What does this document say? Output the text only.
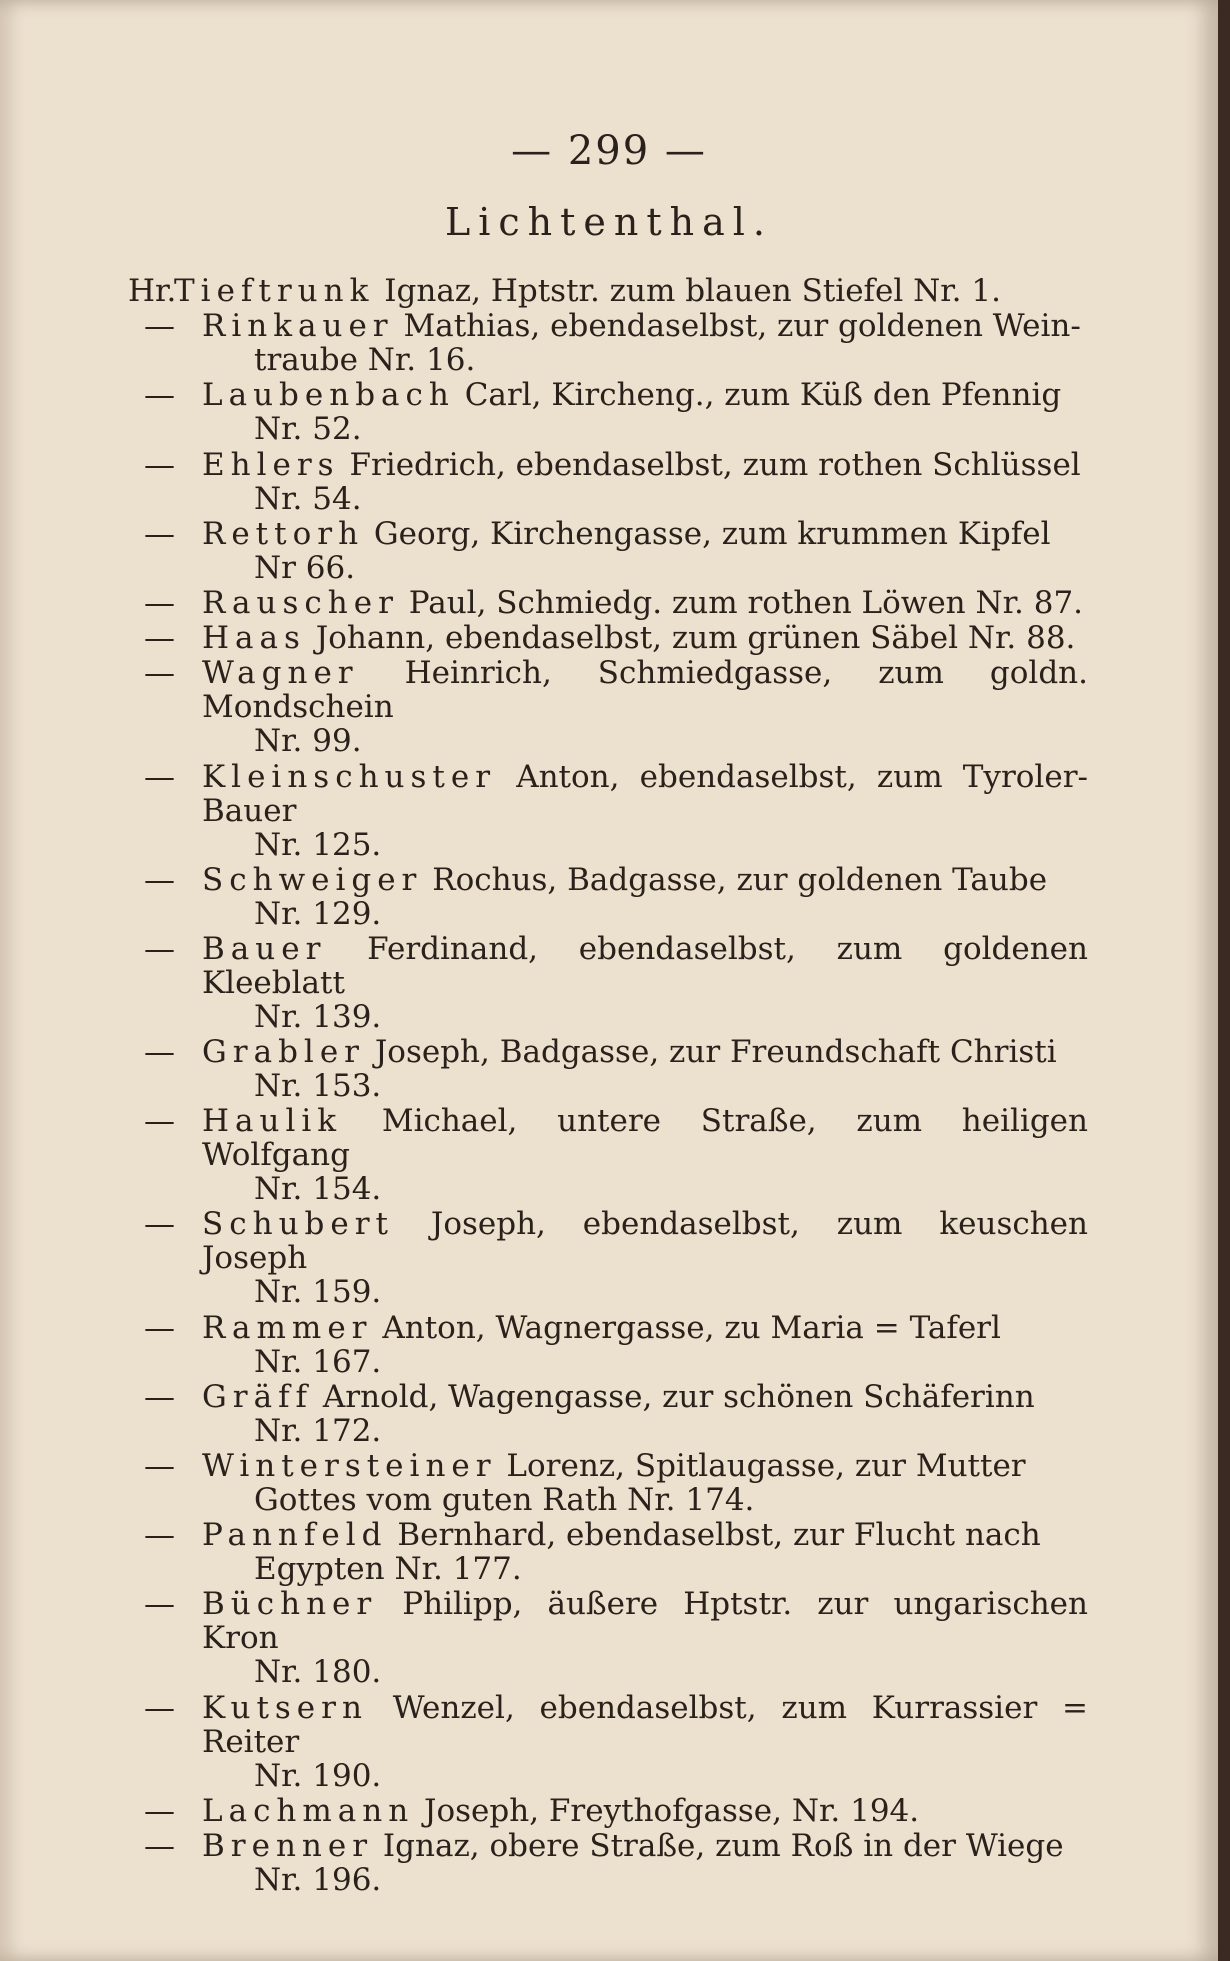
— 299 —
Lichtenthal.
Hr.
Tieftrunk Ignaz, Hptstr. zum blauen Stiefel Nr. 1.
— Rinkauer Mathias, ebendaselbst, zur goldenen Wein-
traube Nr. 16.
— Laubenbach Carl, Kircheng., zum Küß den Pfennig
Nr. 52.
— Ehlers Friedrich, ebendaselbst, zum rothen Schlüssel
Nr. 54.
— Rettorh Georg, Kirchengasse, zum krummen Kipfel
Nr 66.
— Rauscher Paul, Schmiedg. zum rothen Löwen Nr. 87.
— Haas Johann, ebendaselbst, zum grünen Säbel Nr. 88.
— Wagner Heinrich, Schmiedgasse, zum goldn. Mondschein
Nr. 99.
— Kleinschuster Anton, ebendaselbst, zum Tyroler-Bauer
Nr. 125.
— Schweiger Rochus, Badgasse, zur goldenen Taube
Nr. 129.
— Bauer Ferdinand, ebendaselbst, zum goldenen Kleeblatt
Nr. 139.
— Grabler Joseph, Badgasse, zur Freundschaft Christi
Nr. 153.
— Haulik Michael, untere Straße, zum heiligen Wolfgang
Nr. 154.
— Schubert Joseph, ebendaselbst, zum keuschen Joseph
Nr. 159.
— Rammer Anton, Wagnergasse, zu Maria = Taferl
Nr. 167.
— Gräff Arnold, Wagengasse, zur schönen Schäferinn
Nr. 172.
— Wintersteiner Lorenz, Spitlaugasse, zur Mutter
Gottes vom guten Rath Nr. 174.
— Pannfeld Bernhard, ebendaselbst, zur Flucht nach
Egypten Nr. 177.
— Büchner Philipp, äußere Hptstr. zur ungarischen Kron
Nr. 180.
— Kutsern Wenzel, ebendaselbst, zum Kurrassier = Reiter
Nr. 190.
— Lachmann Joseph, Freythofgasse, Nr. 194.
— Brenner Ignaz, obere Straße, zum Roß in der Wiege
Nr. 196.
